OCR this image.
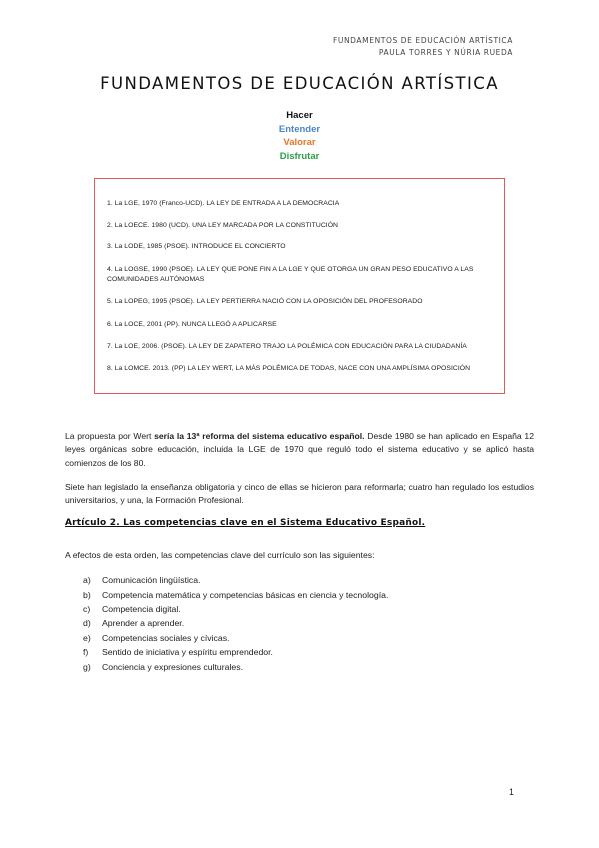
FUNDAMENTOS DE EDUCACIÓN ARTÍSTICA
PAULA TORRES Y NÚRIA RUEDA
FUNDAMENTOS DE EDUCACIÓN ARTÍSTICA
Hacer
Entender
Valorar
Disfrutar
1. La LGE, 1970 (Franco-UCD). LA LEY DE ENTRADA A LA DEMOCRACIA
2. La LOECE. 1980 (UCD). UNA LEY MARCADA POR LA CONSTITUCIÓN
3. La LODE, 1985 (PSOE). INTRODUCE EL CONCIERTO
4. La LOGSE, 1990 (PSOE). LA LEY QUE PONE FIN A LA LGE Y QUE OTORGA UN GRAN PESO EDUCATIVO A LAS COMUNIDADES AUTÓNOMAS
5. La LOPEG, 1995 (PSOE). LA LEY PERTIERRA NACIÓ CON LA OPOSICIÓN DEL PROFESORADO
6. La LOCE, 2001 (PP). NUNCA LLEGÓ A APLICARSE
7. La LOE, 2006. (PSOE). LA LEY DE ZAPATERO TRAJO LA POLÉMICA CON EDUCACIÓN PARA LA CIUDADANÍA
8. La LOMCE. 2013. (PP) LA LEY WERT, LA MÁS POLÉMICA DE TODAS, NACE CON UNA AMPLÍSIMA OPOSICIÓN
La propuesta por Wert sería la 13ª reforma del sistema educativo español. Desde 1980 se han aplicado en España 12 leyes orgánicas sobre educación, incluida la LGE de 1970 que reguló todo el sistema educativo y se aplicó hasta comienzos de los 80.
Siete han legislado la enseñanza obligatoria y cinco de ellas se hicieron para reformarla; cuatro han regulado los estudios universitarios, y una, la Formación Profesional.
Artículo 2. Las competencias clave en el Sistema Educativo Español.
A efectos de esta orden, las competencias clave del currículo son las siguientes:
a) Comunicación lingüística.
b) Competencia matemática y competencias básicas en ciencia y tecnología.
c) Competencia digital.
d) Aprender a aprender.
e) Competencias sociales y cívicas.
f) Sentido de iniciativa y espíritu emprendedor.
g) Conciencia y expresiones culturales.
1
